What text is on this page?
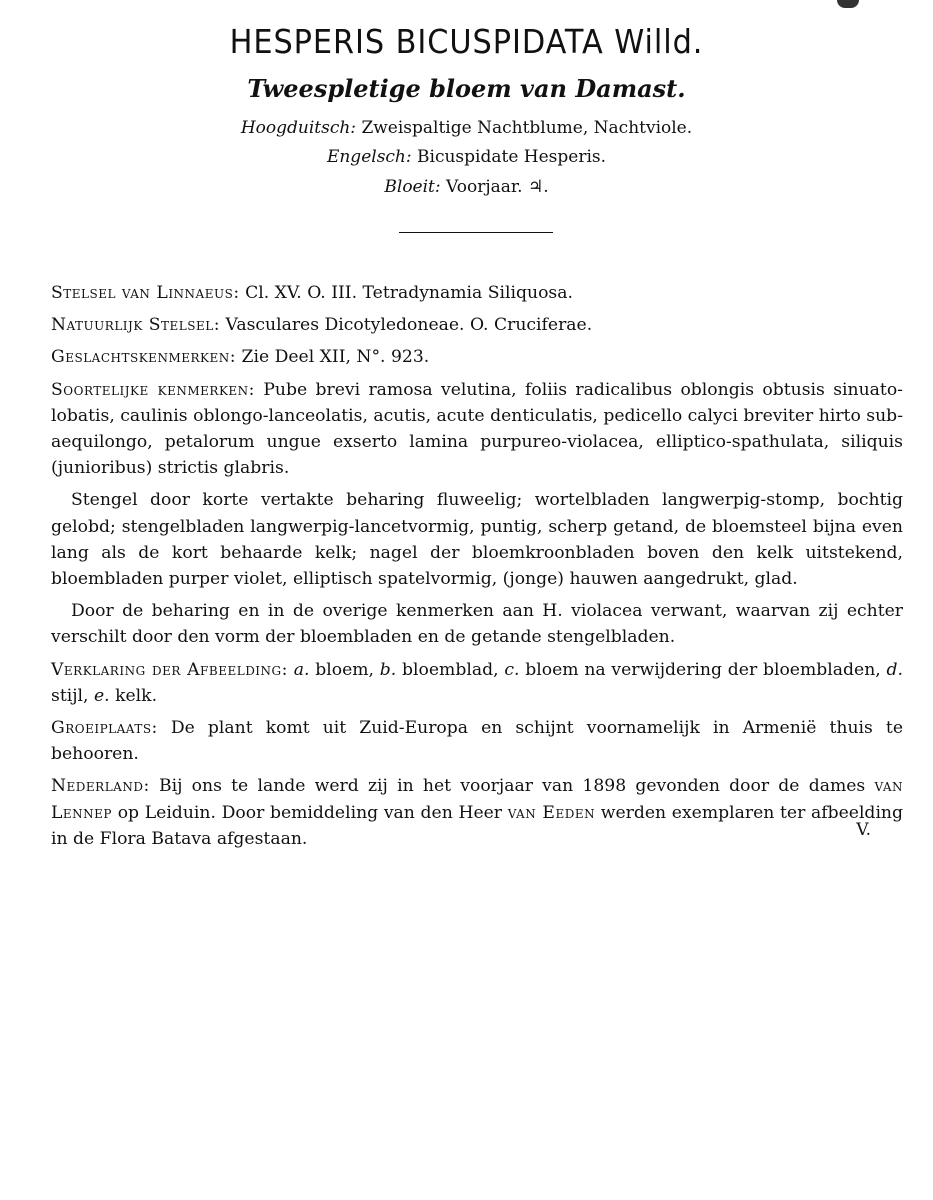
HESPERIS BICUSPIDATA Willd.
Tweespletige bloem van Damast.

Hoogduitsch: Zweispaltige Nachtblume, Nachtviole.

Engelsch: Bicuspidate Hesperis.

Bloeit: Voorjaar. ♃.

Stelsel van Linnaeus: Cl. XV. O. III. Tetradynamia Siliquosa.

Natuurlijk Stelsel: Vasculares Dicotyledoneae. O. Cruciferae.

Geslachtskenmerken: Zie Deel XII, N°. 923.

Soortelijke kenmerken: Pube brevi ramosa velutina, foliis radicalibus oblongis obtusis sinuato-lobatis, caulinis oblongo-lanceolatis, acutis, acute denticulatis, pedicello calyci breviter hirto sub-aequilongo, petalorum ungue exserto lamina purpureo-violacea, elliptico-spathulata, siliquis (junioribus) strictis glabris.

Stengel door korte vertakte beharing fluweelig; wortelbladen langwerpig-stomp, bochtig gelobd; stengelbladen langwerpig-lancetvormig, puntig, scherp getand, de bloemsteel bijna even lang als de kort behaarde kelk; nagel der bloemkroonbladen boven den kelk uitstekend, bloembladen purper violet, elliptisch spatelvormig, (jonge) hauwen aangedrukt, glad.

Door de beharing en in de overige kenmerken aan H. violacea verwant, waarvan zij echter verschilt door den vorm der bloembladen en de getande stengelbladen.

Verklaring der Afbeelding: a. bloem, b. bloemblad, c. bloem na verwijdering der bloembladen, d. stijl, e. kelk.

Groeiplaats: De plant komt uit Zuid-Europa en schijnt voornamelijk in Armenië thuis te behooren.

Nederland: Bij ons te lande werd zij in het voorjaar van 1898 gevonden door de dames van Lennep op Leiduin. Door bemiddeling van den Heer van Eeden werden exemplaren ter afbeelding in de Flora Batava afgestaan.	V.
